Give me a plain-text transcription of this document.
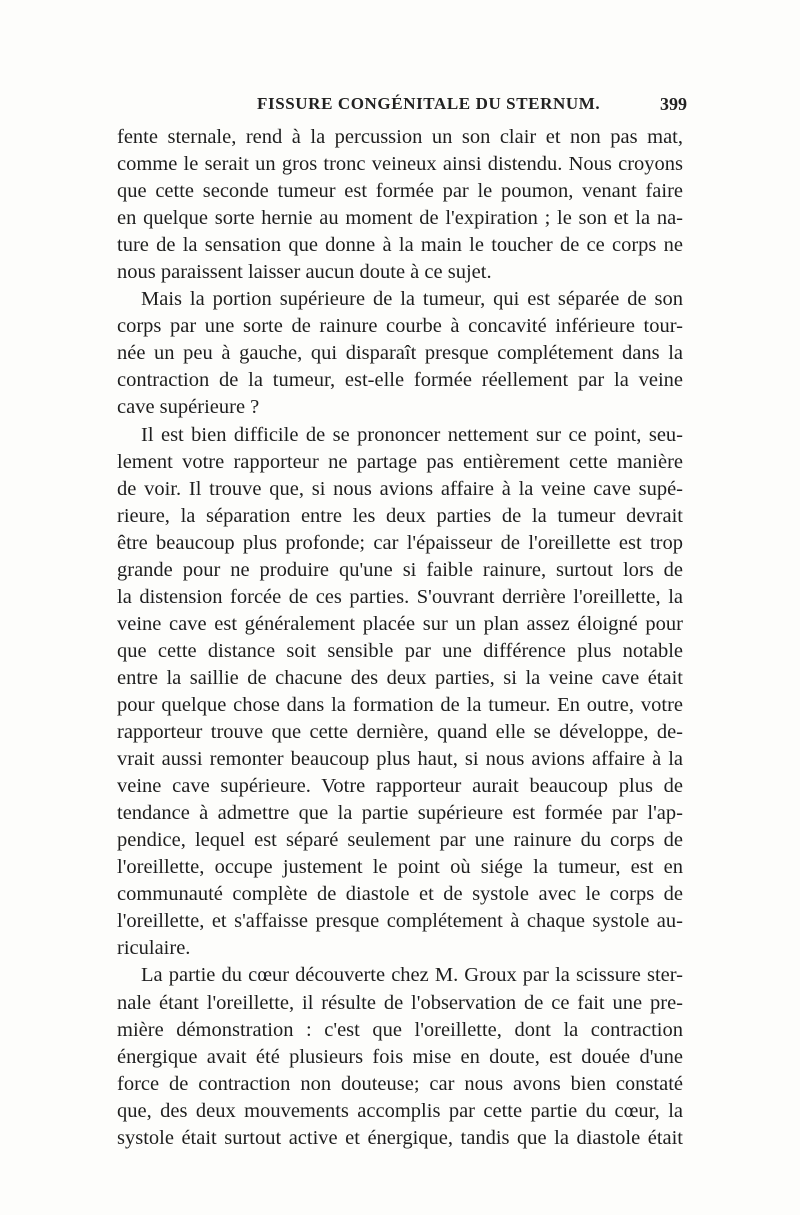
FISSURE CONGÉNITALE DU STERNUM.	399
fente sternale, rend à la percussion un son clair et non pas mat,
comme le serait un gros tronc veineux ainsi distendu. Nous croyons
que cette seconde tumeur est formée par le poumon, venant faire
en quelque sorte hernie au moment de l'expiration ; le son et la na-
ture de la sensation que donne à la main le toucher de ce corps ne
nous paraissent laisser aucun doute à ce sujet.
Mais la portion supérieure de la tumeur, qui est séparée de son
corps par une sorte de rainure courbe à concavité inférieure tour-
née un peu à gauche, qui disparaît presque complétement dans la
contraction de la tumeur, est-elle formée réellement par la veine
cave supérieure ?
Il est bien difficile de se prononcer nettement sur ce point, seu-
lement votre rapporteur ne partage pas entièrement cette manière
de voir. Il trouve que, si nous avions affaire à la veine cave supé-
rieure, la séparation entre les deux parties de la tumeur devrait
être beaucoup plus profonde; car l'épaisseur de l'oreillette est trop
grande pour ne produire qu'une si faible rainure, surtout lors de
la distension forcée de ces parties. S'ouvrant derrière l'oreillette, la
veine cave est généralement placée sur un plan assez éloigné pour
que cette distance soit sensible par une différence plus notable
entre la saillie de chacune des deux parties, si la veine cave était
pour quelque chose dans la formation de la tumeur. En outre, votre
rapporteur trouve que cette dernière, quand elle se développe, de-
vrait aussi remonter beaucoup plus haut, si nous avions affaire à la
veine cave supérieure. Votre rapporteur aurait beaucoup plus de
tendance à admettre que la partie supérieure est formée par l'ap-
pendice, lequel est séparé seulement par une rainure du corps de
l'oreillette, occupe justement le point où siége la tumeur, est en
communauté complète de diastole et de systole avec le corps de
l'oreillette, et s'affaisse presque complétement à chaque systole au-
riculaire.
La partie du cœur découverte chez M. Groux par la scissure ster-
nale étant l'oreillette, il résulte de l'observation de ce fait une pre-
mière démonstration : c'est que l'oreillette, dont la contraction
énergique avait été plusieurs fois mise en doute, est douée d'une
force de contraction non douteuse; car nous avons bien constaté
que, des deux mouvements accomplis par cette partie du cœur, la
systole était surtout active et énergique, tandis que la diastole était
